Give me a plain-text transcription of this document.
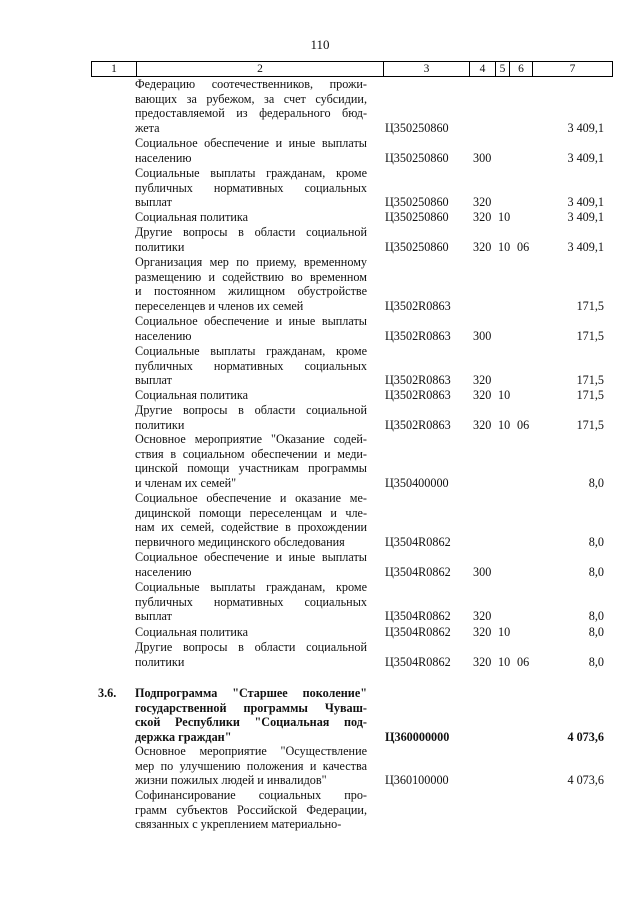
110
1	2	3	4	5	6	7
Федерацию соотечественников, прожи-
вающих за рубежом, за счет субсидии,
предоставляемой из федерального бюд-
жета	Ц350250860	3 409,1
Социальное обеспечение и иные выплаты
населению	Ц350250860 300	3 409,1
Социальные выплаты гражданам, кроме
публичных нормативных социальных
выплат	Ц350250860 320	3 409,1
Социальная политика	Ц350250860 320 10	3 409,1
Другие вопросы в области социальной
политики	Ц350250860 320 10 06	3 409,1
Организация мер по приему, временному
размещению и содействию во временном
и постоянном жилищном обустройстве
переселенцев и членов их семей	Ц3502R0863	171,5
Социальное обеспечение и иные выплаты
населению	Ц3502R0863 300	171,5
Социальные выплаты гражданам, кроме
публичных нормативных социальных
выплат	Ц3502R0863 320	171,5
Социальная политика	Ц3502R0863 320 10	171,5
Другие вопросы в области социальной
политики	Ц3502R0863 320 10 06	171,5
Основное мероприятие "Оказание содей-
ствия в социальном обеспечении и меди-
цинской помощи участникам программы
и членам их семей"	Ц350400000	8,0
Социальное обеспечение и оказание ме-
дицинской помощи переселенцам и чле-
нам их семей, содействие в прохождении
первичного медицинского обследования	Ц3504R0862	8,0
Социальное обеспечение и иные выплаты
населению	Ц3504R0862 300	8,0
Социальные выплаты гражданам, кроме
публичных нормативных социальных
выплат	Ц3504R0862 320	8,0
Социальная политика	Ц3504R0862 320 10	8,0
Другие вопросы в области социальной
политики	Ц3504R0862 320 10 06	8,0
3.6. Подпрограмма "Старшее поколение"
государственной программы Чуваш-
ской Республики "Социальная под-
держка граждан"	Ц360000000	4 073,6
Основное мероприятие "Осуществление
мер по улучшению положения и качества
жизни пожилых людей и инвалидов"	Ц360100000	4 073,6
Софинансирование социальных про-
грамм субъектов Российской Федерации,
связанных с укреплением материально-
